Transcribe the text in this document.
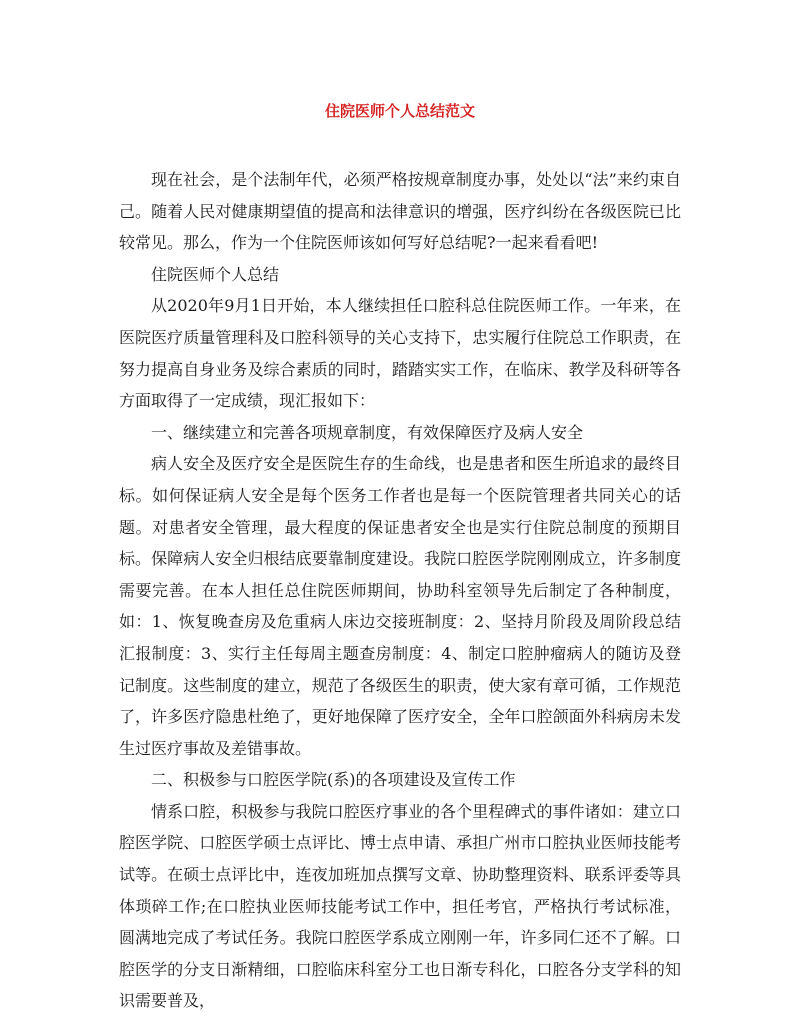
住院医师个人总结范文

现在社会，是个法制年代，必须严格按规章制度办事，处处以“法”来约束自己。随着人民对健康期望值的提高和法律意识的增强，医疗纠纷在各级医院已比较常见。那么，作为一个住院医师该如何写好总结呢?一起来看看吧!

住院医师个人总结

从2020年9月1日开始，本人继续担任口腔科总住院医师工作。一年来，在医院医疗质量管理科及口腔科领导的关心支持下，忠实履行住院总工作职责，在努力提高自身业务及综合素质的同时，踏踏实实工作，在临床、教学及科研等各方面取得了一定成绩，现汇报如下：

一、继续建立和完善各项规章制度，有效保障医疗及病人安全

病人安全及医疗安全是医院生存的生命线，也是患者和医生所追求的最终目标。如何保证病人安全是每个医务工作者也是每一个医院管理者共同关心的话题。对患者安全管理，最大程度的保证患者安全也是实行住院总制度的预期目标。保障病人安全归根结底要靠制度建设。我院口腔医学院刚刚成立，许多制度需要完善。在本人担任总住院医师期间，协助科室领导先后制定了各种制度，如：1、恢复晚查房及危重病人床边交接班制度：2、坚持月阶段及周阶段总结汇报制度：3、实行主任每周主题查房制度：4、制定口腔肿瘤病人的随访及登记制度。这些制度的建立，规范了各级医生的职责，使大家有章可循，工作规范了，许多医疗隐患杜绝了，更好地保障了医疗安全，全年口腔颌面外科病房未发生过医疗事故及差错事故。

二、积极参与口腔医学院(系)的各项建设及宣传工作

情系口腔，积极参与我院口腔医疗事业的各个里程碑式的事件诸如：建立口腔医学院、口腔医学硕士点评比、博士点申请、承担广州市口腔执业医师技能考试等。在硕士点评比中，连夜加班加点撰写文章、协助整理资料、联系评委等具体琐碎工作;在口腔执业医师技能考试工作中，担任考官，严格执行考试标准，圆满地完成了考试任务。我院口腔医学系成立刚刚一年，许多同仁还不了解。口腔医学的分支日渐精细，口腔临床科室分工也日渐专科化，口腔各分支学科的知识需要普及，
